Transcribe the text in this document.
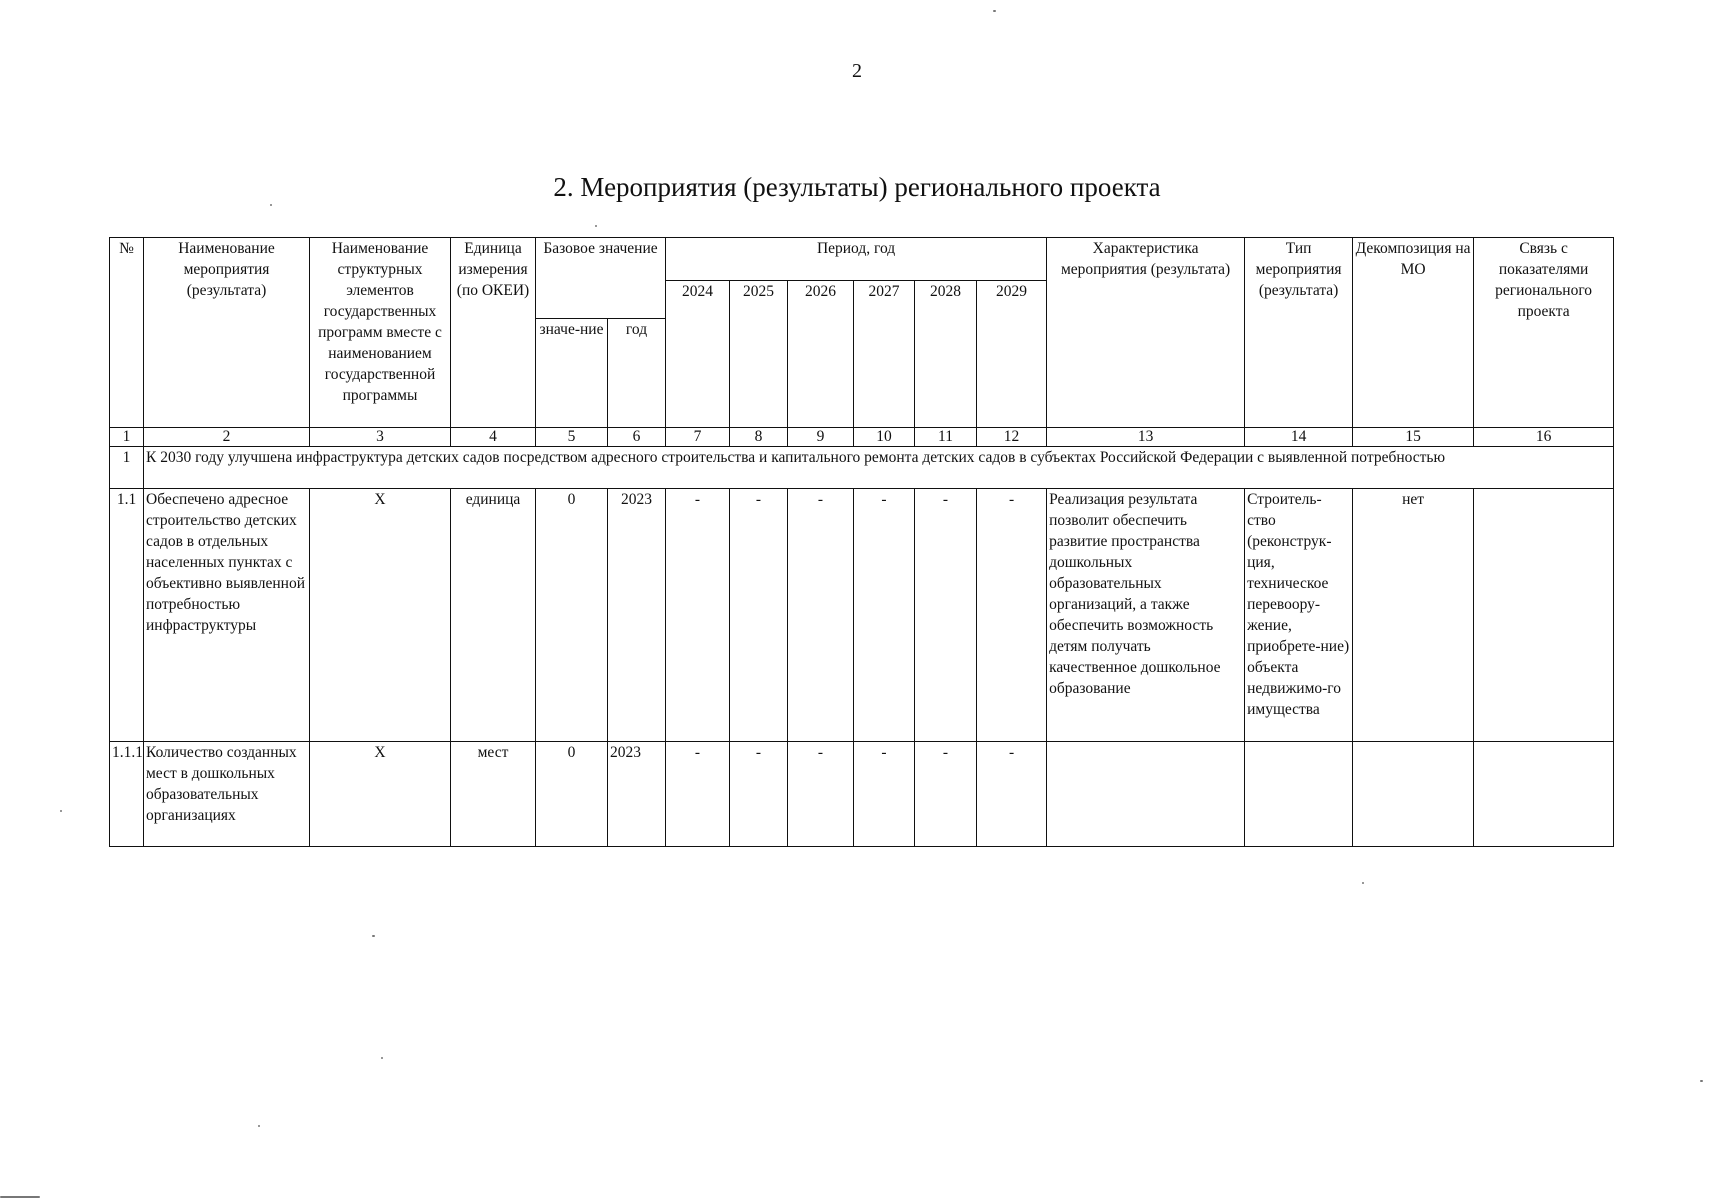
2
2. Мероприятия (результаты) регионального проекта
№	Наименование мероприятия (результата)	Наименование структурных элементов государственных программ вместе с наименованием государственной программы	Единица измерения (по ОКЕИ)	Базовое значение		Период, год						Характеристика мероприятия (результата)	Тип мероприятия (результата)	Декомпозиция на МО	Связь с показателями регионального проекта
						2024	2025	2026	2027	2028	2029				
				значе-ние	год										
1	2	3	4	5	6	7	8	9	10	11	12	13	14	15	16
1	К 2030 году улучшена инфраструктура детских садов посредством адресного строительства и капитального ремонта детских садов в субъектах Российской Федерации с выявленной потребностью														
1.1	Обеспечено адресное строительство детских садов в отдельных населенных пунктах с объективно выявленной потребностью инфраструктуры	X	единица	0	2023	-	-	-	-	-	-	Реализация результата позволит обеспечить развитие пространства дошкольных образовательных организаций, а также обеспечить возможность детям получать качественное дошкольное образование	Строитель-ство (реконструк-ция, техническое перевоору-жение, приобрете-ние) объекта недвижимо-го имущества	нет	
1.1.1	Количество созданных мест в дошкольных образовательных организациях	X	мест	0	2023	-	-	-	-	-	-				
